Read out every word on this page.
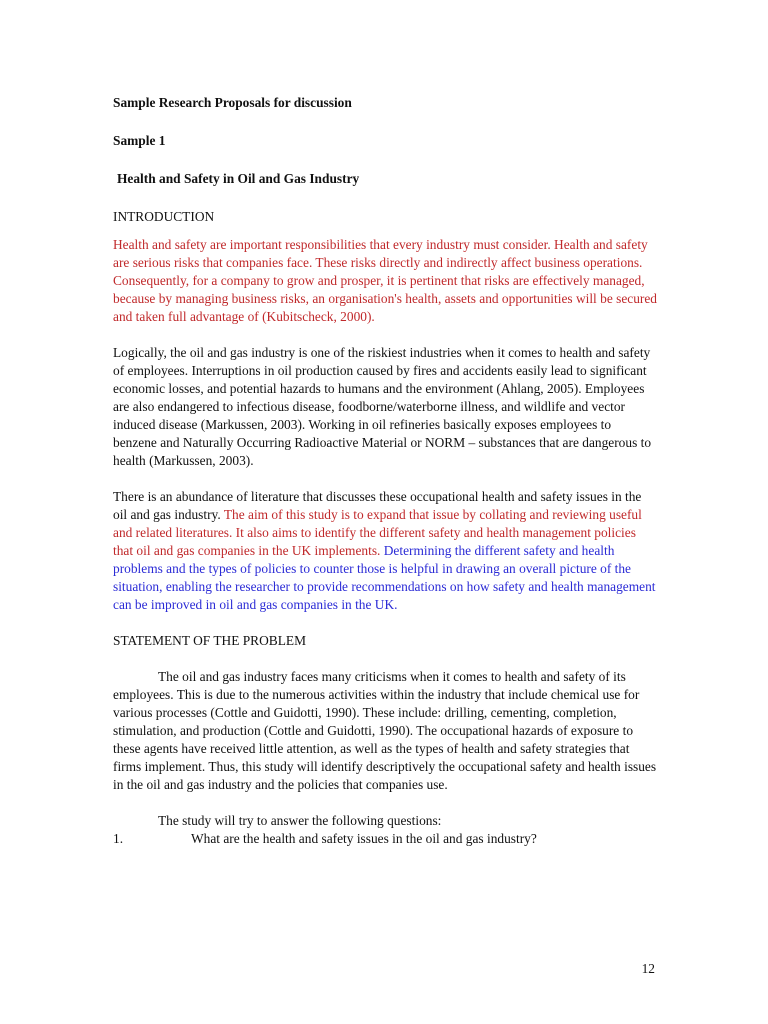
Sample Research Proposals for discussion
Sample 1
Health and Safety in Oil and Gas Industry
INTRODUCTION

Health and safety are important responsibilities that every industry must consider. Health and safety are serious risks that companies face. These risks directly and indirectly affect business operations. Consequently, for a company to grow and prosper, it is pertinent that risks are effectively managed, because by managing business risks, an organisation's health, assets and opportunities will be secured and taken full advantage of (Kubitscheck, 2000).

Logically, the oil and gas industry is one of the riskiest industries when it comes to health and safety of employees. Interruptions in oil production caused by fires and accidents easily lead to significant economic losses, and potential hazards to humans and the environment (Ahlang, 2005). Employees are also endangered to infectious disease, foodborne/waterborne illness, and wildlife and vector induced disease (Markussen, 2003). Working in oil refineries basically exposes employees to benzene and Naturally Occurring Radioactive Material or NORM – substances that are dangerous to health (Markussen, 2003).

There is an abundance of literature that discusses these occupational health and safety issues in the oil and gas industry. The aim of this study is to expand that issue by collating and reviewing useful and related literatures. It also aims to identify the different safety and health management policies that oil and gas companies in the UK implements. Determining the different safety and health problems and the types of policies to counter those is helpful in drawing an overall picture of the situation, enabling the researcher to provide recommendations on how safety and health management can be improved in oil and gas companies in the UK.

STATEMENT OF THE PROBLEM

The oil and gas industry faces many criticisms when it comes to health and safety of its employees. This is due to the numerous activities within the industry that include chemical use for various processes (Cottle and Guidotti, 1990). These include: drilling, cementing, completion, stimulation, and production (Cottle and Guidotti, 1990). The occupational hazards of exposure to these agents have received little attention, as well as the types of health and safety strategies that firms implement. Thus, this study will identify descriptively the occupational safety and health issues in the oil and gas industry and the policies that companies use.

The study will try to answer the following questions:

1.	What are the health and safety issues in the oil and gas industry?
12
